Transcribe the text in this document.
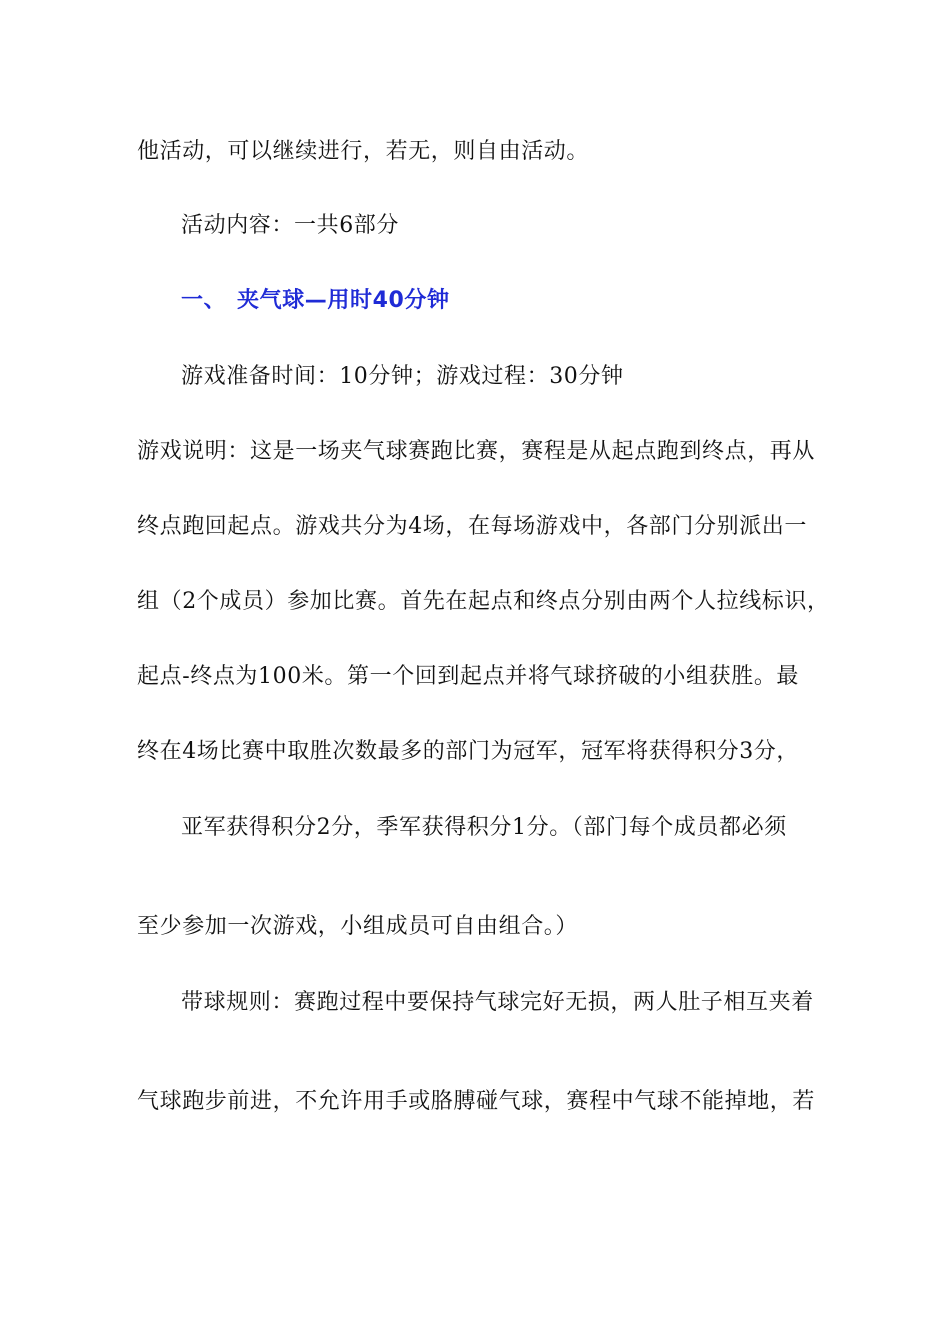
他活动，可以继续进行，若无，则自由活动。
活动内容：一共6部分
一、 夹气球—用时40分钟
游戏准备时间：10分钟；游戏过程：30分钟
游戏说明：这是一场夹气球赛跑比赛，赛程是从起点跑到终点，再从
终点跑回起点。游戏共分为4场，在每场游戏中，各部门分别派出一
组（2个成员）参加比赛。首先在起点和终点分别由两个人拉线标识，
起点-终点为100米。第一个回到起点并将气球挤破的小组获胜。最
终在4场比赛中取胜次数最多的部门为冠军，冠军将获得积分3分，
亚军获得积分2分，季军获得积分1分。（部门每个成员都必须
至少参加一次游戏，小组成员可自由组合。）
带球规则：赛跑过程中要保持气球完好无损，两人肚子相互夹着
气球跑步前进，不允许用手或胳膊碰气球，赛程中气球不能掉地，若
